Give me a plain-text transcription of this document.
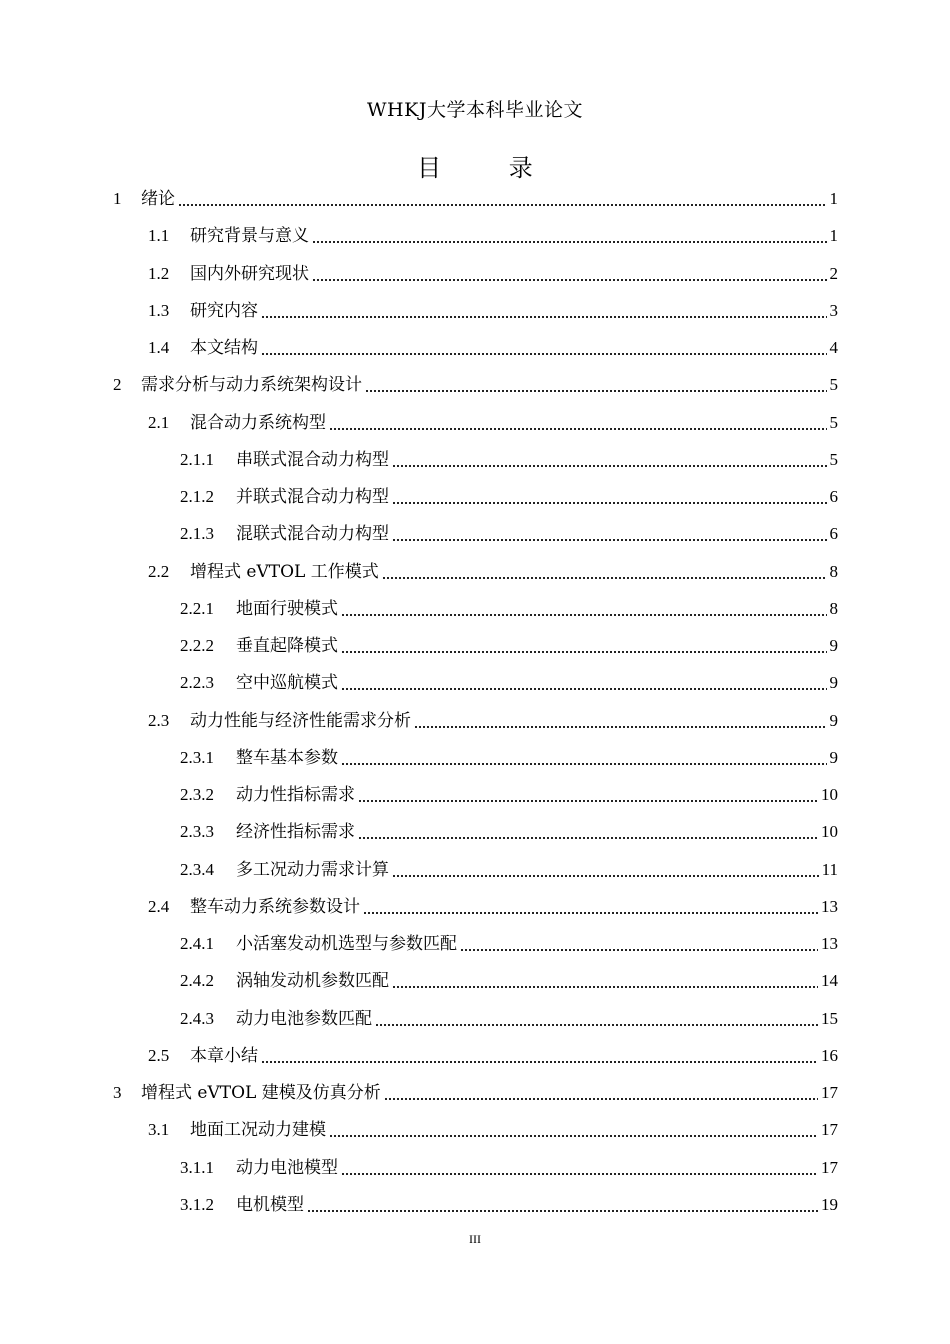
WHKJ大学本科毕业论文
目 录
1	绪论	1
1.1	研究背景与意义	1
1.2	国内外研究现状	2
1.3	研究内容	3
1.4	本文结构	4
2	需求分析与动力系统架构设计	5
2.1	混合动力系统构型	5
2.1.1	串联式混合动力构型	5
2.1.2	并联式混合动力构型	6
2.1.3	混联式混合动力构型	6
2.2	增程式 eVTOL 工作模式	8
2.2.1	地面行驶模式	8
2.2.2	垂直起降模式	9
2.2.3	空中巡航模式	9
2.3	动力性能与经济性能需求分析	9
2.3.1	整车基本参数	9
2.3.2	动力性指标需求	10
2.3.3	经济性指标需求	10
2.3.4	多工况动力需求计算	11
2.4	整车动力系统参数设计	13
2.4.1	小活塞发动机选型与参数匹配	13
2.4.2	涡轴发动机参数匹配	14
2.4.3	动力电池参数匹配	15
2.5	本章小结	16
3	增程式 eVTOL 建模及仿真分析	17
3.1	地面工况动力建模	17
3.1.1	动力电池模型	17
3.1.2	电机模型	19
III
